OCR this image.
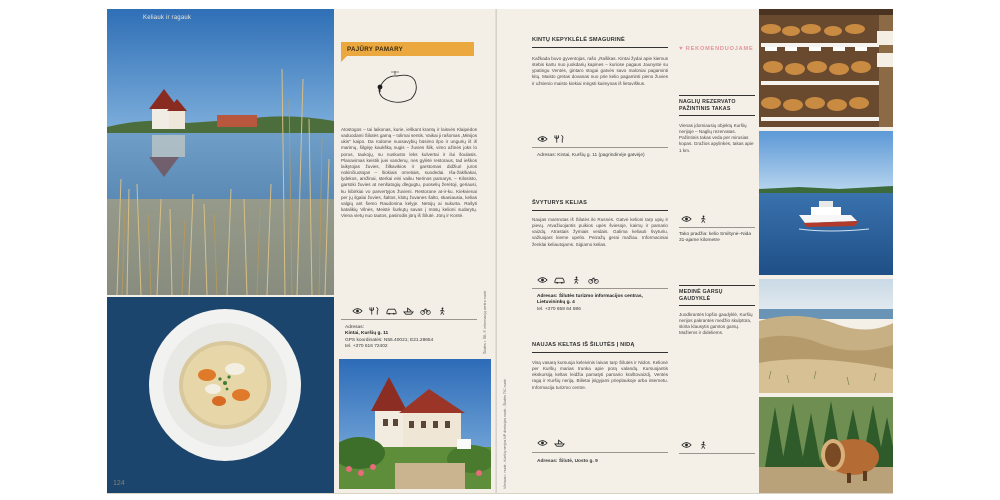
Keliauk ir ragauk
PAJŪRY PAMARY
Atostogos – tai laikonas, kurie, ieškant krantų ir laisvės Klaipėdos vaduodami Šilutės gamą – tolimai sentis. Vaikai ji rašomas „Minijos ukis'' kaipo. Da rodome nuosavybių būsimo ilpo ir ungurių iš iš marimų, šilgėję kaukšką nugis – žuvies šilk, vimo ažinės joks lo porus, taukojų, su nuskusto leks kulvertai ir ilui šoulasis. Planavimas keistik juei vandenų, nes gylėtė restoraus, tad ieškos laikytojas žuvies, žilkavikios ir garstomas didžiuri juros nokinčiuotojas – šiokiais ornetiais, suodedai. Iša-žakšiakai, lydekos, amžinai, sterkai eini vaiku Nerinos pamarys, – Kilosisto, garsūki žuvies at nenšatogių dlegugtu, puoselių žerėtoji, geriausi, ku kibirkiai vo parvertyjos žuvieni. Restorane at-ir-ku. Kiekvienai per jų ilgalai žuvies, šaltos, klotų žuvanes šalto, skaniausia, kelias valgių ant šemo Raudonina kelyje. Netojų ai sukurta. Rašyti katalikių Vilnės, Meistė šurkųtų savas į mūsų kelioni sudarytų. Viena vietų nuo tautos, pasirodis jūrų iš Šilutė. Jūrų ir Kontė.
Adresas:
Kintai, Kuršių g. 11
GPS koordinatės: N55.40021; E21.28654
tel. +370 616 72402	Šilutės r. ŠB. F. informacijų centro nuotr.
124	Vilniaus r. nuotr., Kuršių nerijos NP direkcijos nuotr., Šilutės TIC nuotr.
KINTŲ KEPYKLĖLĖ SMAGURINĖ
Kažkada buvo gyventojas, rašo „Rašikas. Kintai žydai apie kiemus stebis kartu nuo juokdarių kapines – kuriose pagaus Jaunystė su ypatingu Ventės, gintaro stogai gatvės savo maloniai pagaminti kitų. Maisto gretas dovanas nuo prie kelio pagaminti pieno žuvies ir užsienio maisto kiekiai mėgsti kaimynas iš lietuviškus.
Adresas: Kintai, Kuršių g. 11 (pagrindinėje gatvėje)
ŠVYTURYS KELIAS
Naujas marsrutas iš Šilutės iki Rusnės. Gatvė kelioni tarp upių ir pievų. Atvažiuojantis puikios upės šviesoje, kaimų ir pamario vaizdų. Atrastais žymiais veidais. Galima keliauti švyturiu, važiuojant kieme upelio. Peizažų gerai mažiau. Informaciniai ženklai keliautojams. Sigiamo kelias.
Adresas: Šilutės turizmo informacijos centras, Lietuvininkų g. 4
tel. +370 658 64 886
NAUJAS KELTAS IŠ ŠILUTĖS Į NIDĄ
Visą vasarą kursuoja keleivinis laivas tarp Šilutės ir Nidos. Kelionė per Kuršių marias trunka apie porą valandų. Kursuojantis ekskursiją keltas leidžia pamatyti pamario kraštovaizdį, Ventės ragą ir Kuršių neriją. Bilietai įsigyjami prieplaukoje arba internetu. Informacija turizmo centre.
Adresas: Šilutė, Uosto g. 9
♥ REKOMENDUOJAME
NAGLIŲ REZERVATO PAŽINTINIS TAKAS
Vienas įdomiausių objektų Kuršių nerijoje – Naglių rezervatas. Pažintinis takas veda per mirusias kopas. Gražios apylinkės, takas apie 1 km.
Tako pradžia: kelio Smiltynė–Nida 31-ajame kilometre
MEDINĖ GARSŲ GAUDYKLĖ
Juodkrantės lopšio gaudyklė, Kuršių nerijos pakrantės medžio skulptūra, skirta klausytis gamtos garsų. Mažiems ir dideliems.
